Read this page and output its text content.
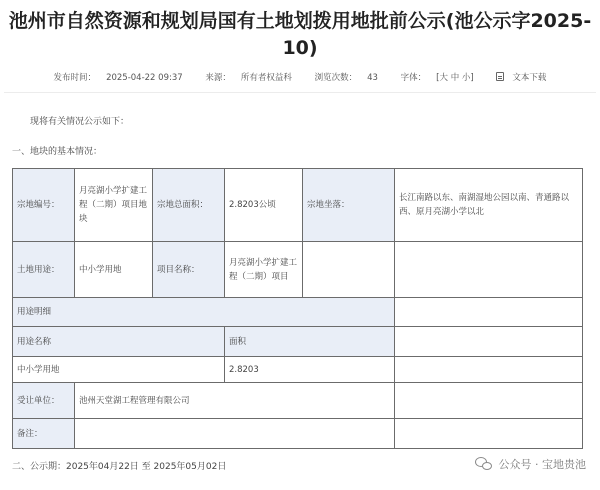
池州市自然资源和规划局国有土地划拨用地批前公示(池公示字2025-10)
发布时间： 2025-04-22 09:37	来源： 所有者权益科	浏览次数： 43	字体： [大 中 小]	文本下载
现将有关情况公示如下：
一、地块的基本情况：
宗地编号：	月亮湖小学扩建工程（二期）项目地块	宗地总面积：	2.8203公顷	宗地坐落：	长江南路以东、南湖湿地公园以南、青通路以西、原月亮湖小学以北
土地用途：	中小学用地	项目名称：	月亮湖小学扩建工程（二期）项目		
用途明细					
用途名称			面积		
中小学用地			2.8203		
受让单位：	池州天堂湖工程管理有限公司				
备注：					
二、公示期：2025年04月22日 至 2025年05月02日	公众号 · 宝地贵池
